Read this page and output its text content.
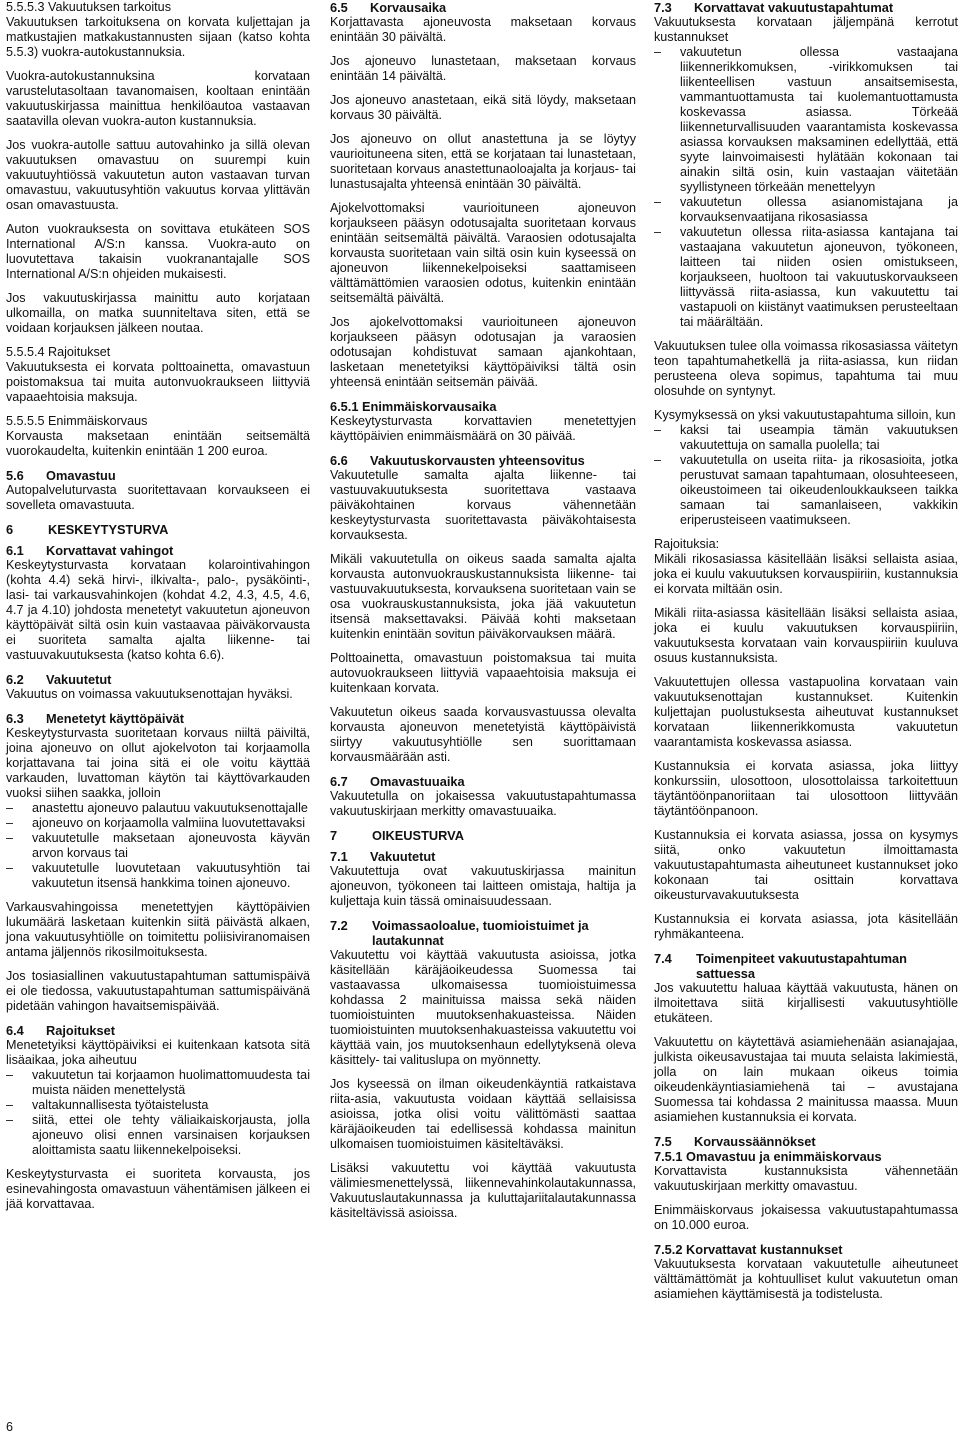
5.5.5.3 Vakuutuksen tarkoitus

Vakuutuksen tarkoituksena on korvata kuljettajan ja matkustajien matkakustannusten sijaan (katso kohta 5.5.3) vuokra-autokustannuksia.

Vuokra-autokustannuksina korvataan varustelutasoltaan tavanomaisen, kooltaan enintään vakuutuskirjassa mainittua henkilöautoa vastaavan saatavilla olevan vuokra-auton kustannuksia.

Jos vuokra-autolle sattuu autovahinko ja sillä olevan vakuutuksen omavastuu on suurempi kuin vakuutuyhtiössä vakuutetun auton vastaavan turvan omavastuu, vakuutusyhtiön vakuutus korvaa ylittävän osan omavastuusta.

Auton vuokrauksesta on sovittava etukäteen SOS International A/S:n kanssa. Vuokra-auto on luovutettava takaisin vuokranantajalle SOS International A/S:n ohjeiden mukaisesti.

Jos vakuutuskirjassa mainittu auto korjataan ulkomailla, on matka suunniteltava siten, että se voidaan korjauksen jälkeen noutaa.

5.5.5.4 Rajoitukset

Vakuutuksesta ei korvata polttoainetta, omavastuun poistomaksua tai muita autonvuokraukseen liittyviä vapaaehtoisia maksuja.

5.5.5.5 Enimmäiskorvaus

Korvausta maksetaan enintään seitsemältä vuorokaudelta, kuitenkin enintään 1 200 euroa.

5.6 Omavastuu

Autopalveluturvasta suoritettavaan korvaukseen ei sovelleta omavastuuta.

6	KESKEYTYSTURVA

6.1 Korvattavat vahingot

Keskeytysturvasta korvataan kolarointivahingon (kohta 4.4) sekä hirvi-, ilkivalta-, palo-, pysäköinti-, lasi- tai varkausvahinkojen (kohdat 4.2, 4.3, 4.5, 4.6, 4.7 ja 4.10) johdosta menetetyt vakuutetun ajoneuvon käyttöpäivät siltä osin kuin vastaavaa päiväkorvausta ei suoriteta samalta ajalta liikenne- tai vastuuvakuutuksesta (katso kohta 6.6).

6.2 Vakuutetut

Vakuutus on voimassa vakuutuksenottajan hyväksi.

6.3 Menetetyt käyttöpäivät

Keskeytysturvasta suoritetaan korvaus niiltä päiviltä, joina ajoneuvo on ollut ajokelvoton tai korjaamolla korjattavana tai joina sitä ei ole voitu käyttää varkauden, luvattoman käytön tai käyttövarkauden vuoksi siihen saakka, jolloin

– anastettu ajoneuvo palautuu vakuutuksenottajalle
– ajoneuvo on korjaamolla valmiina luovutettavaksi
– vakuutetulle maksetaan ajoneuvosta käyvän arvon korvaus tai
– vakuutetulle luovutetaan vakuutusyhtiön tai vakuutetun itsensä hankkima toinen ajoneuvo.

Varkausvahingoissa menetettyjen käyttöpäivien lukumäärä lasketaan kuitenkin siitä päivästä alkaen, jona vakuutusyhtiölle on toimitettu poliisiviranomaisen antama jäljennös rikosilmoituksesta.

Jos tosiasiallinen vakuutustapahtuman sattumispäivä ei ole tiedossa, vakuutustapahtuman sattumispäivänä pidetään vahingon havaitsemispäivää.

6.4 Rajoitukset

Menetetyiksi käyttöpäiviksi ei kuitenkaan katsota sitä lisäaikaa, joka aiheutuu

– vakuutetun tai korjaamon huolimattomuudesta tai muista näiden menettelystä
– valtakunnallisesta työtaistelusta
– siitä, ettei ole tehty väliaikaiskorjausta, jolla ajoneuvo olisi ennen varsinaisen korjauksen aloittamista saatu liikennekelpoiseksi.

Keskeytysturvasta ei suoriteta korvausta, jos esinevahingosta omavastuun vähentämisen jälkeen ei jää korvattavaa.

6.5 Korvausaika

Korjattavasta ajoneuvosta maksetaan korvaus enintään 30 päivältä.

Jos ajoneuvo lunastetaan, maksetaan korvaus enintään 14 päivältä.

Jos ajoneuvo anastetaan, eikä sitä löydy, maksetaan korvaus 30 päivältä.

Jos ajoneuvo on ollut anastettuna ja se löytyy vaurioituneena siten, että se korjataan tai lunastetaan, suoritetaan korvaus anastettunaoloajalta ja korjaus- tai lunastusajalta yhteensä enintään 30 päivältä.

Ajokelvottomaksi vaurioituneen ajoneuvon korjaukseen pääsyn odotusajalta suoritetaan korvaus enintään seitsemältä päivältä. Varaosien odotusajalta korvausta suoritetaan vain siltä osin kuin kyseessä on ajoneuvon liikennekelpoiseksi saattamiseen välttämättömien varaosien odotus, kuitenkin enintään seitsemältä päivältä.

Jos ajokelvottomaksi vaurioituneen ajoneuvon korjaukseen pääsyn odotusajan ja varaosien odotusajan kohdistuvat samaan ajankohtaan, lasketaan menetetyiksi käyttöpäiviksi tältä osin yhteensä enintään seitsemän päivää.

6.5.1 Enimmäiskorvausaika

Keskeytysturvasta korvattavien menetettyjen käyttöpäivien enimmäismäärä on 30 päivää.

6.6 Vakuutuskorvausten yhteensovitus

Vakuutetulle samalta ajalta liikenne- tai vastuuvakuutuksesta suoritettava vastaava päiväkohtainen korvaus vähennetään keskeytysturvasta suoritettavasta päiväkohtaisesta korvauksesta.

Mikäli vakuutetulla on oikeus saada samalta ajalta korvausta autonvuokrauskustannuksista liikenne- tai vastuuvakuutuksesta, korvauksena suoritetaan vain se osa vuokrauskustannuksista, joka jää vakuutetun itsensä maksettavaksi. Päivää kohti maksetaan kuitenkin enintään sovitun päiväkorvauksen määrä.

Polttoainetta, omavastuun poistomaksua tai muita autovuokraukseen liittyviä vapaaehtoisia maksuja ei kuitenkaan korvata.

Vakuutetun oikeus saada korvausvastuussa olevalta korvausta ajoneuvon menetetyistä käyttöpäivistä siirtyy vakuutusyhtiölle sen suorittamaan korvausmäärään asti.

6.7 Omavastuuaika

Vakuutetulla on jokaisessa vakuutustapahtumassa vakuutuskirjaan merkitty omavastuuaika.

7	OIKEUSTURVA

7.1 Vakuutetut

Vakuutettuja ovat vakuutuskirjassa mainitun ajoneuvon, työkoneen tai laitteen omistaja, haltija ja kuljettaja kuin tässä ominaisuudessaan.

7.2	Voimassaoloalue, tuomioistuimet ja lautakunnat

Vakuutettu voi käyttää vakuutusta asioissa, jotka käsitellään käräjäoikeudessa Suomessa tai vastaavassa ulkomaisessa tuomioistuimessa kohdassa 2 mainituissa maissa sekä näiden tuomioistuinten muutoksenhakuasteissa. Näiden tuomioistuinten muutoksenhakuasteissa vakuutettu voi käyttää vain, jos muutoksenhaun edellytyksenä oleva käsittely- tai valituslupa on myönnetty.

Jos kyseessä on ilman oikeudenkäyntiä ratkaistava riita-asia, vakuutusta voidaan käyttää sellaisissa asioissa, jotka olisi voitu välittömästi saattaa käräjäoikeuden tai edellisessä kohdassa mainitun ulkomaisen tuomioistuimen käsiteltäväksi.

Lisäksi vakuutettu voi käyttää vakuutusta välimiesmenettelyssä, liikennevahinkolautakunnassa, Vakuutuslautakunnassa ja kuluttajariitalautakunnassa käsiteltävissä asioissa.

7.3 Korvattavat vakuutustapahtumat

Vakuutuksesta korvataan jäljempänä kerrotut kustannukset

– vakuutetun ollessa vastaajana liikennerikkomuksen, -virikkomuksen tai liikenteellisen vastuun ansaitsemisesta, vammantuottamusta tai kuolemantuottamusta koskevassa asiassa. Törkeää liikenneturvallisuuden vaarantamista koskevassa asiassa korvauksen maksaminen edellyttää, että syyte lainvoimaisesti hylätään kokonaan tai ainakin siltä osin, kuin vastaajan väitetään syyllistyneen törkeään menettelyyn
– vakuutetun ollessa asianomistajana ja korvauksenvaatijana rikosasiassa
– vakuutetun ollessa riita-asiassa kantajana tai vastaajana vakuutetun ajoneuvon, työkoneen, laitteen tai niiden osien omistukseen, korjaukseen, huoltoon tai vakuutuskorvaukseen liittyvässä riita-asiassa, kun vakuutettu tai vastapuoli on kiistänyt vaatimuksen perusteeltaan tai määrältään.

Vakuutuksen tulee olla voimassa rikosasiassa väitetyn teon tapahtumahetkellä ja riita-asiassa, kun riidan perusteena oleva sopimus, tapahtuma tai muu olosuhde on syntynyt.

Kysymyksessä on yksi vakuutustapahtuma silloin, kun

– kaksi tai useampia tämän vakuutuksen vakuutettuja on samalla puolella; tai
– vakuutetulla on useita riita- ja rikosasioita, jotka perustuvat samaan tapahtumaan, olosuhteeseen, oikeustoimeen tai oikeudenloukkaukseen taikka samaan tai samanlaiseen, vakkikin eriperusteiseen vaatimukseen.

Rajoituksia:

Mikäli rikosasiassa käsitellään lisäksi sellaista asiaa, joka ei kuulu vakuutuksen korvauspiiriin, kustannuksia ei korvata miltään osin.

Mikäli riita-asiassa käsitellään lisäksi sellaista asiaa, joka ei kuulu vakuutuksen korvauspiiriin, vakuutuksesta korvataan vain korvauspiiriin kuuluva osuus kustannuksista.

Vakuutettujen ollessa vastapuolina korvataan vain vakuutuksenottajan kustannukset. Kuitenkin kuljettajan puolustuksesta aiheutuvat kustannukset korvataan liikennerikkomusta vakuutetun vaarantamista koskevassa asiassa.

Kustannuksia ei korvata asiassa, joka liittyy konkurssiin, ulosottoon, ulosottolaissa tarkoitettuun täytäntöönpanoriitaan tai ulosottoon liittyvään täytäntöönpanoon.

Kustannuksia ei korvata asiassa, jossa on kysymys siitä, onko vakuutetun ilmoittamasta vakuutustapahtumasta aiheutuneet kustannukset joko kokonaan tai osittain korvattava oikeusturvavakuutuksesta

Kustannuksia ei korvata asiassa, jota käsitellään ryhmäkanteena.

7.4	Toimenpiteet vakuutustapahtuman sattuessa

Jos vakuutettu haluaa käyttää vakuutusta, hänen on ilmoitettava siitä kirjallisesti vakuutusyhtiölle etukäteen.

Vakuutettu on käytettävä asiamiehenään asianajajaa, julkista oikeusavustajaa tai muuta selaista lakimiestä, jolla on lain mukaan oikeus toimia oikeudenkäyntiasiamiehenä tai – avustajana Suomessa tai kohdassa 2 mainitussa maassa. Muun asiamiehen kustannuksia ei korvata.

7.5 Korvaussäännökset

7.5.1 Omavastuu ja enimmäiskorvaus

Korvattavista kustannuksista vähennetään vakuutuskirjaan merkitty omavastuu.

Enimmäiskorvaus jokaisessa vakuutustapahtumassa on 10.000 euroa.

7.5.2 Korvattavat kustannukset

Vakuutuksesta korvataan vakuutetulle aiheutuneet välttämättömät ja kohtuulliset kulut vakuutetun oman asiamiehen käyttämisestä ja todistelusta.

6
